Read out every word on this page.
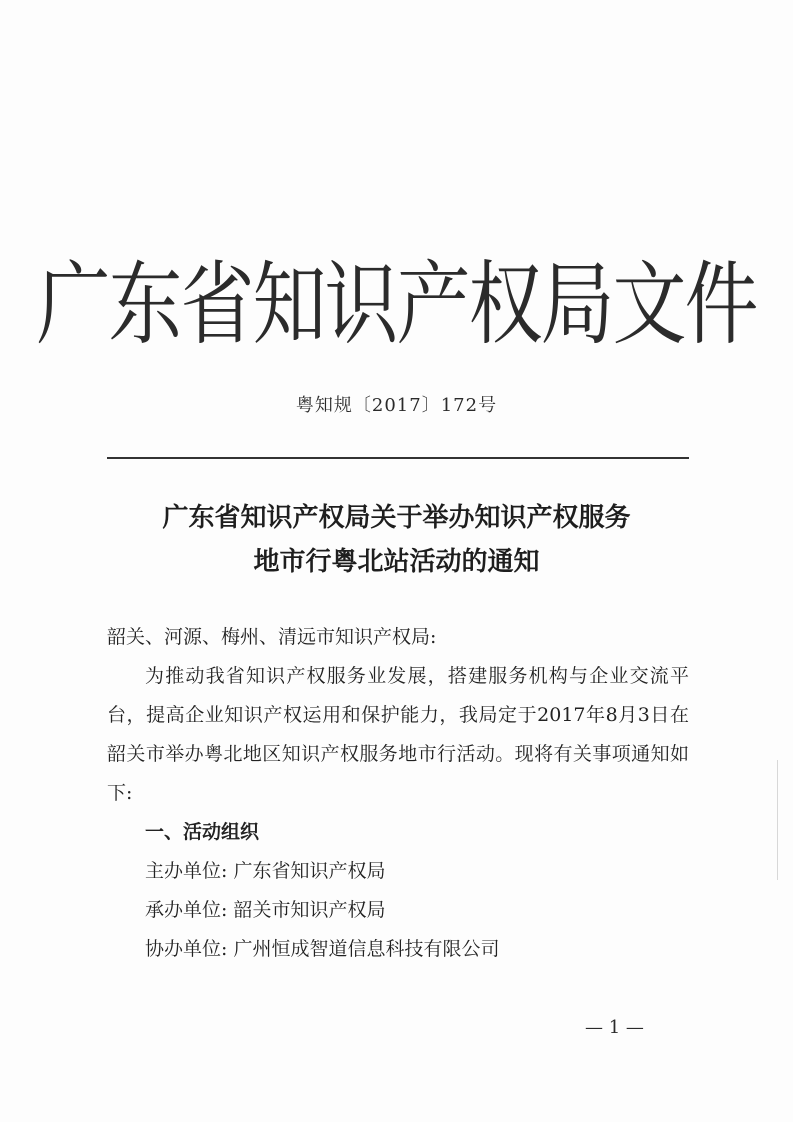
广东省知识产权局文件
粤知规〔2017〕172号
广东省知识产权局关于举办知识产权服务
地市行粤北站活动的通知
韶关、河源、梅州、清远市知识产权局:
为推动我省知识产权服务业发展，搭建服务机构与企业交流平台，提高企业知识产权运用和保护能力，我局定于2017年8月3日在韶关市举办粤北地区知识产权服务地市行活动。现将有关事项通知如下:
一、活动组织
主办单位: 广东省知识产权局
承办单位: 韶关市知识产权局
协办单位: 广州恒成智道信息科技有限公司
— 1 —
